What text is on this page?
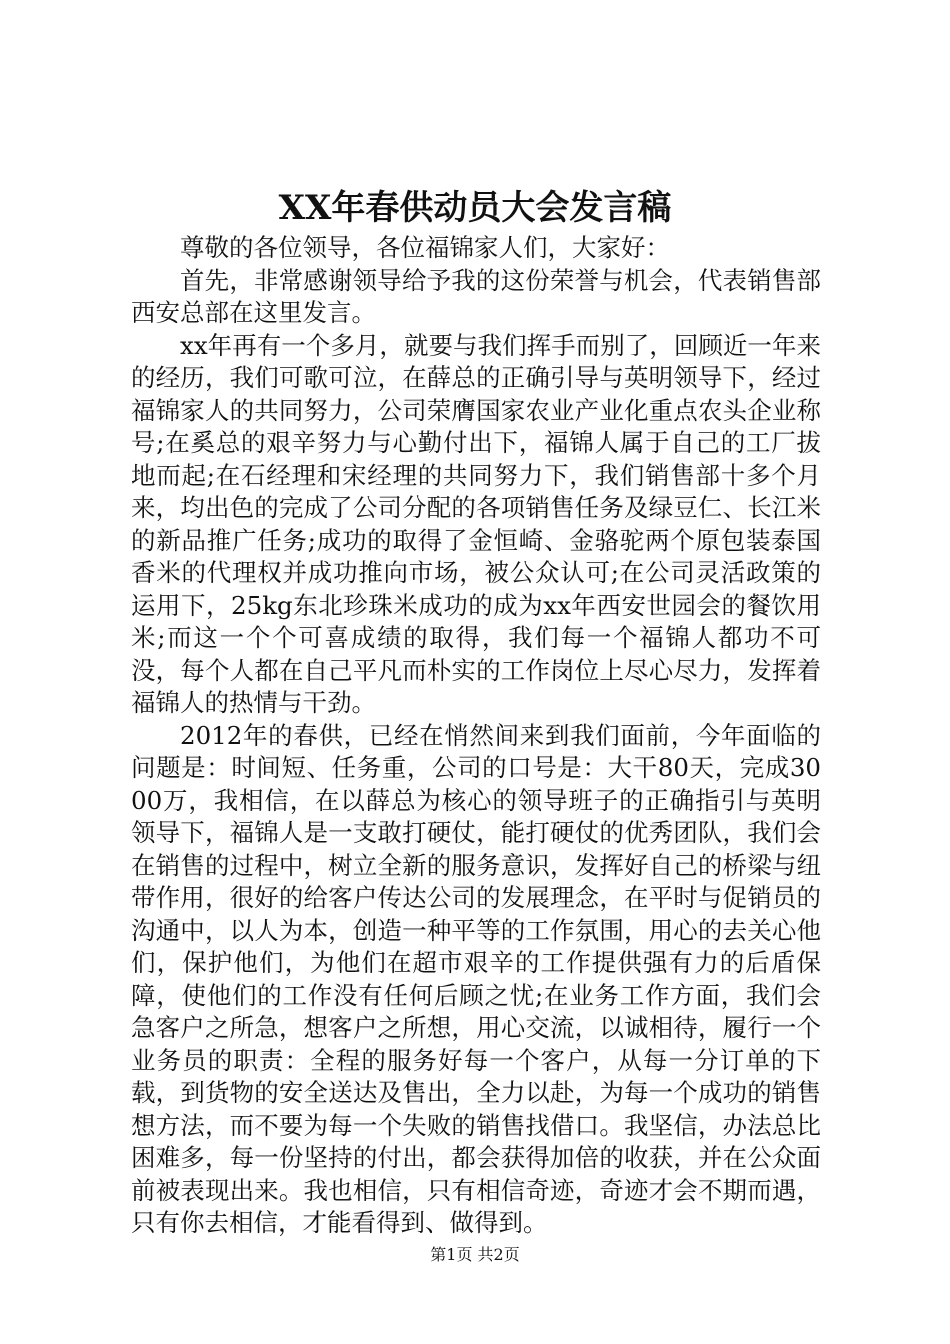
XX年春供动员大会发言稿

尊敬的各位领导，各位福锦家人们，大家好：

首先，非常感谢领导给予我的这份荣誉与机会，代表销售部西安总部在这里发言。

xx年再有一个多月，就要与我们挥手而别了，回顾近一年来的经历，我们可歌可泣，在薛总的正确引导与英明领导下，经过福锦家人的共同努力，公司荣膺国家农业产业化重点农头企业称号;在奚总的艰辛努力与心勤付出下，福锦人属于自己的工厂拔地而起;在石经理和宋经理的共同努力下，我们销售部十多个月来，均出色的完成了公司分配的各项销售任务及绿豆仁、长江米的新品推广任务;成功的取得了金恒崎、金骆驼两个原包装泰国香米的代理权并成功推向市场，被公众认可;在公司灵活政策的运用下，25kg东北珍珠米成功的成为xx年西安世园会的餐饮用米;而这一个个可喜成绩的取得，我们每一个福锦人都功不可没，每个人都在自己平凡而朴实的工作岗位上尽心尽力，发挥着福锦人的热情与干劲。

2012年的春供，已经在悄然间来到我们面前，今年面临的问题是：时间短、任务重，公司的口号是：大干80天，完成3000万，我相信，在以薛总为核心的领导班子的正确指引与英明领导下，福锦人是一支敢打硬仗，能打硬仗的优秀团队，我们会在销售的过程中，树立全新的服务意识，发挥好自己的桥梁与纽带作用，很好的给客户传达公司的发展理念，在平时与促销员的沟通中，以人为本，创造一种平等的工作氛围，用心的去关心他们，保护他们，为他们在超市艰辛的工作提供强有力的后盾保障，使他们的工作没有任何后顾之忧;在业务工作方面，我们会急客户之所急，想客户之所想，用心交流，以诚相待，履行一个业务员的职责：全程的服务好每一个客户，从每一分订单的下载，到货物的安全送达及售出，全力以赴，为每一个成功的销售想方法，而不要为每一个失败的销售找借口。我坚信，办法总比困难多，每一份坚持的付出，都会获得加倍的收获，并在公众面前被表现出来。我也相信，只有相信奇迹，奇迹才会不期而遇，只有你去相信，才能看得到、做得到。

第1页 共2页
